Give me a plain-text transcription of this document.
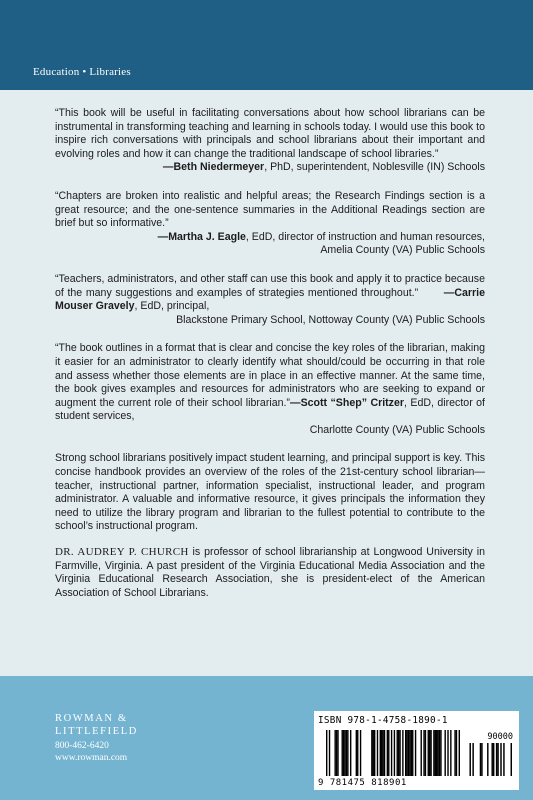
Education • Libraries
“This book will be useful in facilitating conversations about how school librarians can be instrumental in transforming teaching and learning in schools today. I would use this book to inspire rich conversations with principals and school librarians about their important and evolving roles and how it can change the traditional landscape of school libraries.”
—Beth Niedermeyer, PhD, superintendent, Noblesville (IN) Schools
“Chapters are broken into realistic and helpful areas; the Research Findings section is a great resource; and the one-sentence summaries in the Additional Readings section are brief but so informative.”
—Martha J. Eagle, EdD, director of instruction and human resources,
Amelia County (VA) Public Schools
“Teachers, administrators, and other staff can use this book and apply it to practice because of the many suggestions and examples of strategies mentioned throughout.” —Carrie Mouser Gravely, EdD, principal,
Blackstone Primary School, Nottoway County (VA) Public Schools
“The book outlines in a format that is clear and concise the key roles of the librarian, making it easier for an administrator to clearly identify what should/could be occurring in that role and assess whether those elements are in place in an effective manner. At the same time, the book gives examples and resources for administrators who are seeking to expand or augment the current role of their school librarian.”—Scott “Shep” Critzer, EdD, director of student services,
Charlotte County (VA) Public Schools

Strong school librarians positively impact student learning, and principal support is key. This concise handbook provides an overview of the roles of the 21st-century school librarian—teacher, instructional partner, information specialist, instructional leader, and program administrator. A valuable and informative resource, it gives principals the information they need to utilize the library program and librarian to the fullest potential to contribute to the school’s instructional program.

DR. AUDREY P. CHURCH is professor of school librarianship at Longwood University in Farmville, Virginia. A past president of the Virginia Educational Media Association and the Virginia Educational Research Association, she is president-elect of the American Association of School Librarians.

ROWMAN &
LITTLEFIELD
800-462-6420
www.rowman.com
ISBN 978-1-4758-1890-1
90000
9 781475 818901
